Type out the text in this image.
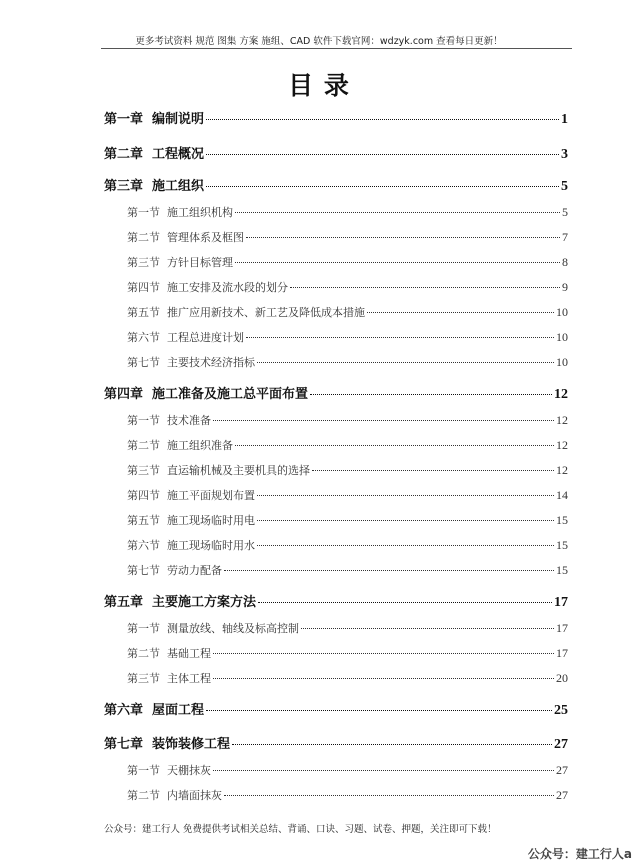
更多考试资料 规范 图集 方案 施组、CAD 软件下载官网：wdzyk.com 查看每日更新！
目 录
第一章 编制说明	1
第二章 工程概况	3
第三章 施工组织	5
第一节 施工组织机构	5
第二节 管理体系及框图	7
第三节 方针目标管理	8
第四节 施工安排及流水段的划分	9
第五节 推广应用新技术、新工艺及降低成本措施	10
第六节 工程总进度计划	10
第七节 主要技术经济指标	10
第四章 施工准备及施工总平面布置	12
第一节 技术准备	12
第二节 施工组织准备	12
第三节 直运输机械及主要机具的选择	12
第四节 施工平面规划布置	14
第五节 施工现场临时用电	15
第六节 施工现场临时用水	15
第七节 劳动力配备	15
第五章 主要施工方案方法	17
第一节 测量放线、轴线及标高控制	17
第二节 基础工程	17
第三节 主体工程	20
第六章 屋面工程	25
第七章 装饰装修工程	27
第一节 天棚抹灰	27
第二节 内墙面抹灰	27
公众号：建工行人 免费提供考试相关总结、背诵、口诀、习题、试卷、押题，关注即可下载！
公众号：建工行人a
